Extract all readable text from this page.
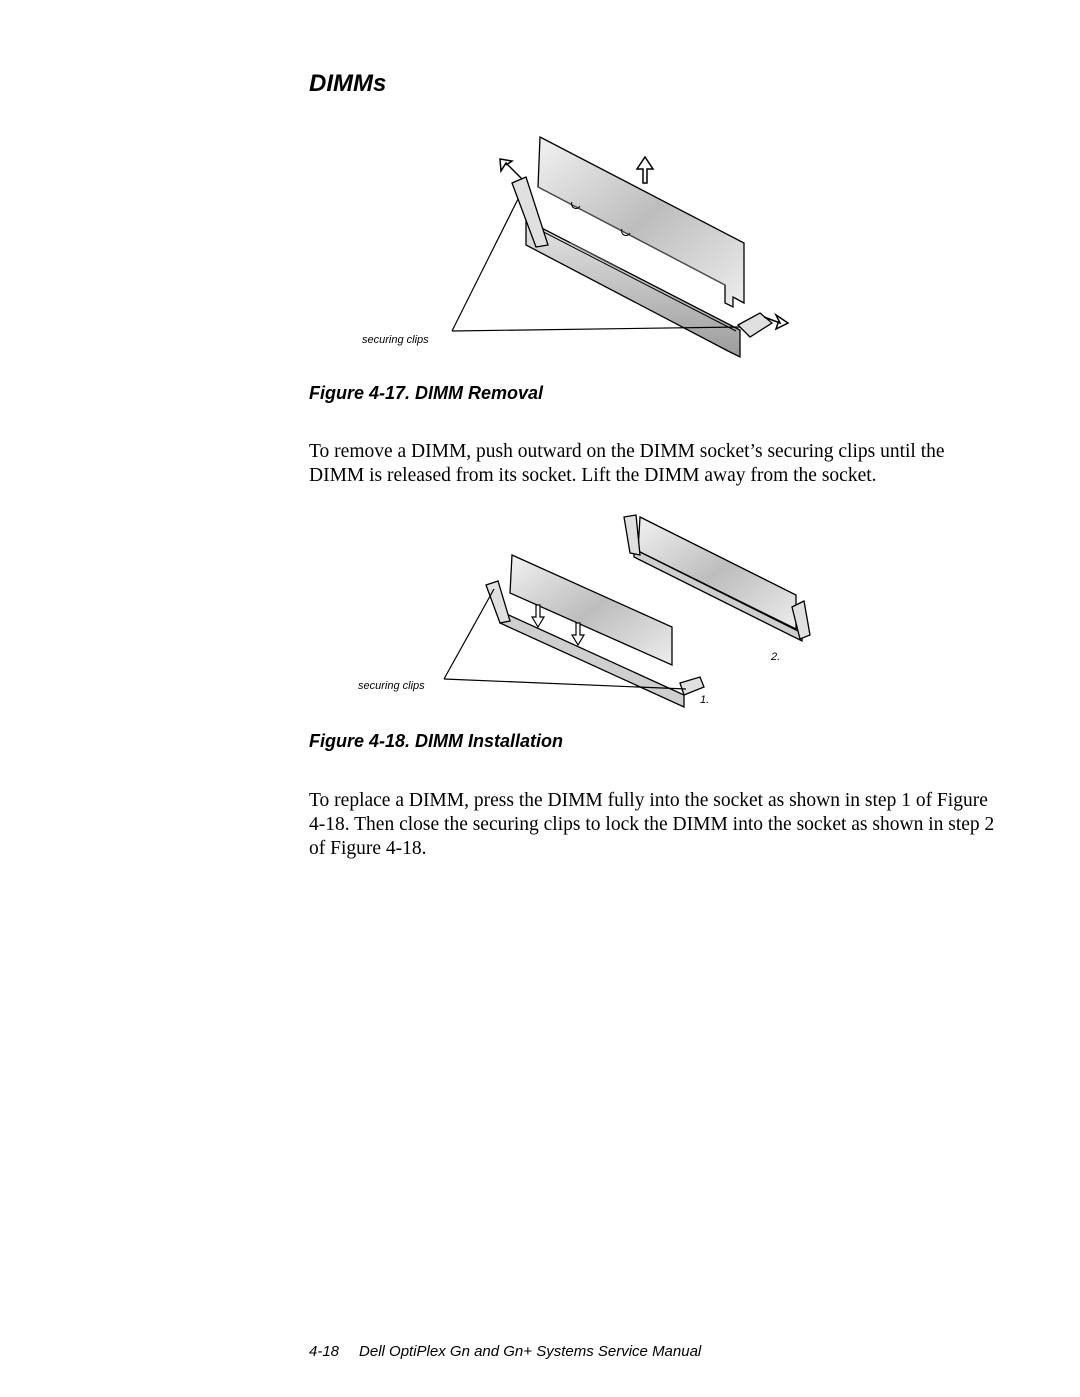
DIMMs
securing clips

Figure 4-17. DIMM Removal

To remove a DIMM, push outward on the DIMM socket’s securing clips until the DIMM is released from its socket. Lift the DIMM away from the socket.

securing clips
1.
2.

Figure 4-18. DIMM Installation

To replace a DIMM, press the DIMM fully into the socket as shown in step 1 of Figure 4-18. Then close the securing clips to lock the DIMM into the socket as shown in step 2 of Figure 4-18.

4-18 Dell OptiPlex Gn and Gn+ Systems Service Manual
